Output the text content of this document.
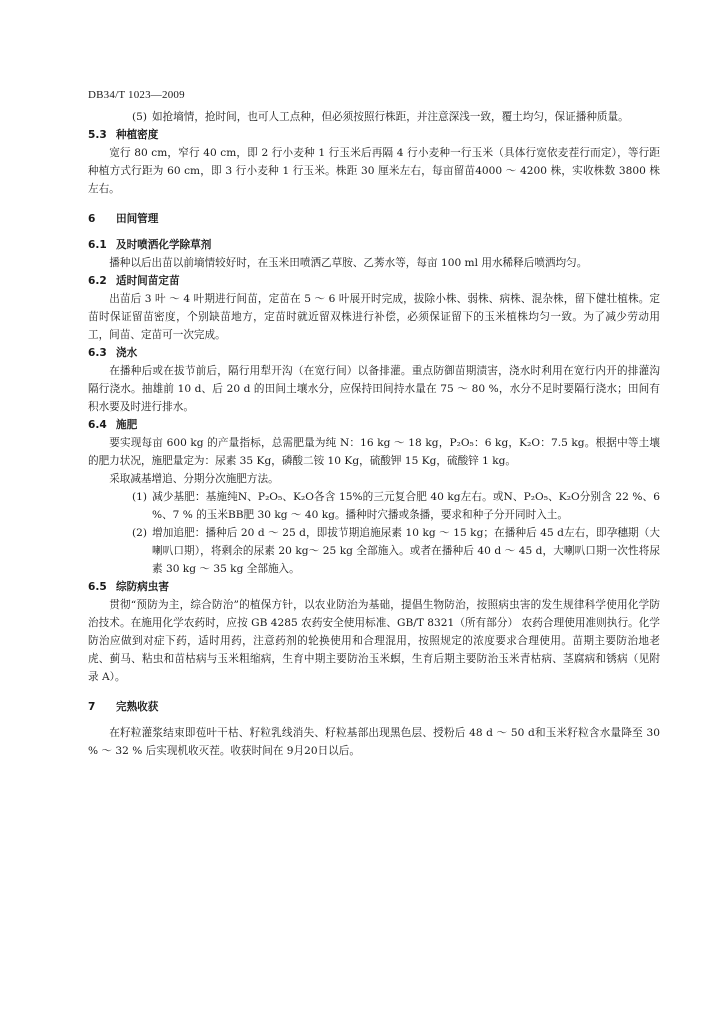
DB34/T 1023—2009

(5) 如抢墒情，抢时间，也可人工点种，但必须按照行株距，并注意深浅一致，覆土均匀，保证播种质量。

5.3 种植密度

宽行 80 cm，窄行 40 cm，即 2 行小麦种 1 行玉米后再隔 4 行小麦种一行玉米（具体行宽依麦茬行而定），等行距种植方式行距为 60 cm，即 3 行小麦种 1 行玉米。株距 30 厘米左右，每亩留苗4000 ～ 4200 株，实收株数 3800 株左右。

6 田间管理
6.1 及时喷洒化学除草剂

播种以后出苗以前墒情较好时，在玉米田喷洒乙草胺、乙莠水等，每亩 100 ml 用水稀释后喷洒均匀。

6.2 适时间苗定苗

出苗后 3 叶 ～ 4 叶期进行间苗，定苗在 5 ～ 6 叶展开时完成，拔除小株、弱株、病株、混杂株，留下健壮植株。定苗时保证留苗密度，个别缺苗地方，定苗时就近留双株进行补偿，必须保证留下的玉米植株均匀一致。为了减少劳动用工，间苗、定苗可一次完成。

6.3 浇水

在播种后或在拔节前后，隔行用犁开沟（在宽行间）以备排灌。重点防御苗期渍害，浇水时利用在宽行内开的排灌沟隔行浇水。抽雄前 10 d、后 20 d 的田间土壤水分，应保持田间持水量在 75 ～ 80 %，水分不足时要隔行浇水；田间有积水要及时进行排水。

6.4 施肥

要实现每亩 600 kg 的产量指标，总需肥量为纯 N：16 kg ～ 18 kg，P₂O₅：6 kg，K₂O：7.5 kg。根据中等土壤的肥力状况，施肥量定为：尿素 35 Kg，磷酸二铵 10 Kg，硫酸钾 15 Kg，硫酸锌 1 kg。

采取减基增追、分期分次施肥方法。

(1) 减少基肥：基施纯N、P₂O₅、K₂O各含 15%的三元复合肥 40 kg左右。或N、P₂O₅、K₂O分别含 22 %、6 %、7 % 的玉米BB肥 30 kg ～ 40 kg。播种时穴播或条播，要求和种子分开同时入土。

(2) 增加追肥：播种后 20 d ～ 25 d，即拔节期追施尿素 10 kg ～ 15 kg；在播种后 45 d左右，即孕穗期（大喇叭口期），将剩余的尿素 20 kg～ 25 kg 全部施入。或者在播种后 40 d ～ 45 d，大喇叭口期一次性将尿素 30 kg ～ 35 kg 全部施入。

6.5 综防病虫害

贯彻“预防为主，综合防治”的植保方针，以农业防治为基础，提倡生物防治，按照病虫害的发生规律科学使用化学防治技术。在施用化学农药时，应按 GB 4285 农药安全使用标准、GB/T 8321（所有部分） 农药合理使用准则执行。化学防治应做到对症下药，适时用药，注意药剂的轮换使用和合理混用，按照规定的浓度要求合理使用。苗期主要防治地老虎、蓟马、粘虫和苗枯病与玉米粗缩病，生育中期主要防治玉米螟，生育后期主要防治玉米青枯病、茎腐病和锈病（见附录 A）。

7 完熟收获

在籽粒灌浆结束即苞叶干枯、籽粒乳线消失、籽粒基部出现黑色层、授粉后 48 d ～ 50 d和玉米籽粒含水量降至 30 % ～ 32 % 后实现机收灭茬。收获时间在 9月20日以后。
